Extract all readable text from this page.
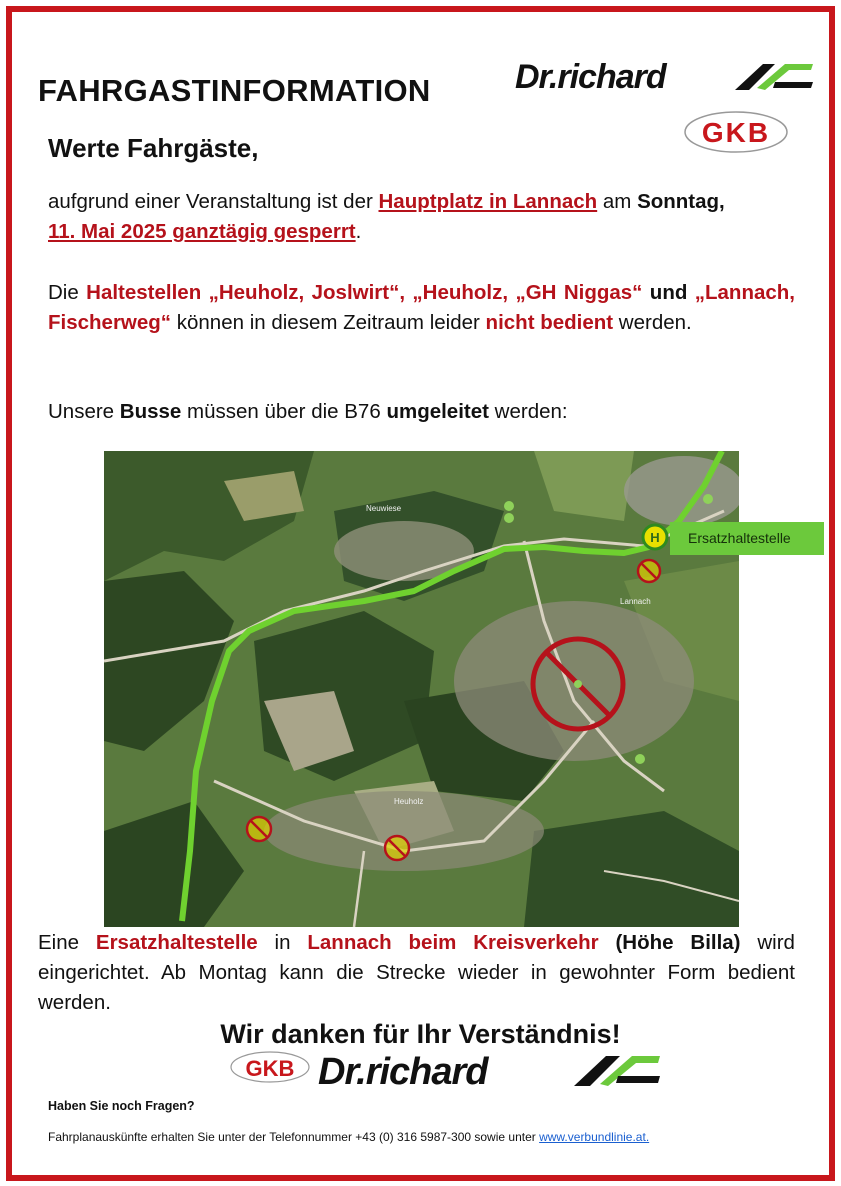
FAHRGASTINFORMATION Dr.richard
GKB
Werte Fahrgäste,
aufgrund einer Veranstaltung ist der Hauptplatz in Lannach am Sonntag,
11. Mai 2025 ganztägig gesperrt.
Die Haltestellen „Heuholz, Joslwirt“, „Heuholz, „GH Niggas“ und „Lannach, Fischerweg“ können in diesem Zeitraum leider nicht bedient werden.
Unsere Busse müssen über die B76 umgeleitet werden:
H
Neuwiese
Lannach
Heuholz
Ersatzhaltestelle
Eine Ersatzhaltestelle in Lannach beim Kreisverkehr (Höhe Billa) wird eingerichtet. Ab Montag kann die Strecke wieder in gewohnter Form bedient werden.
Wir danken für Ihr Verständnis!
GKB Dr.richard
Haben Sie noch Fragen?
Fahrplanauskünfte erhalten Sie unter der Telefonnummer +43 (0) 316 5987-300 sowie unter www.verbundlinie.at.
